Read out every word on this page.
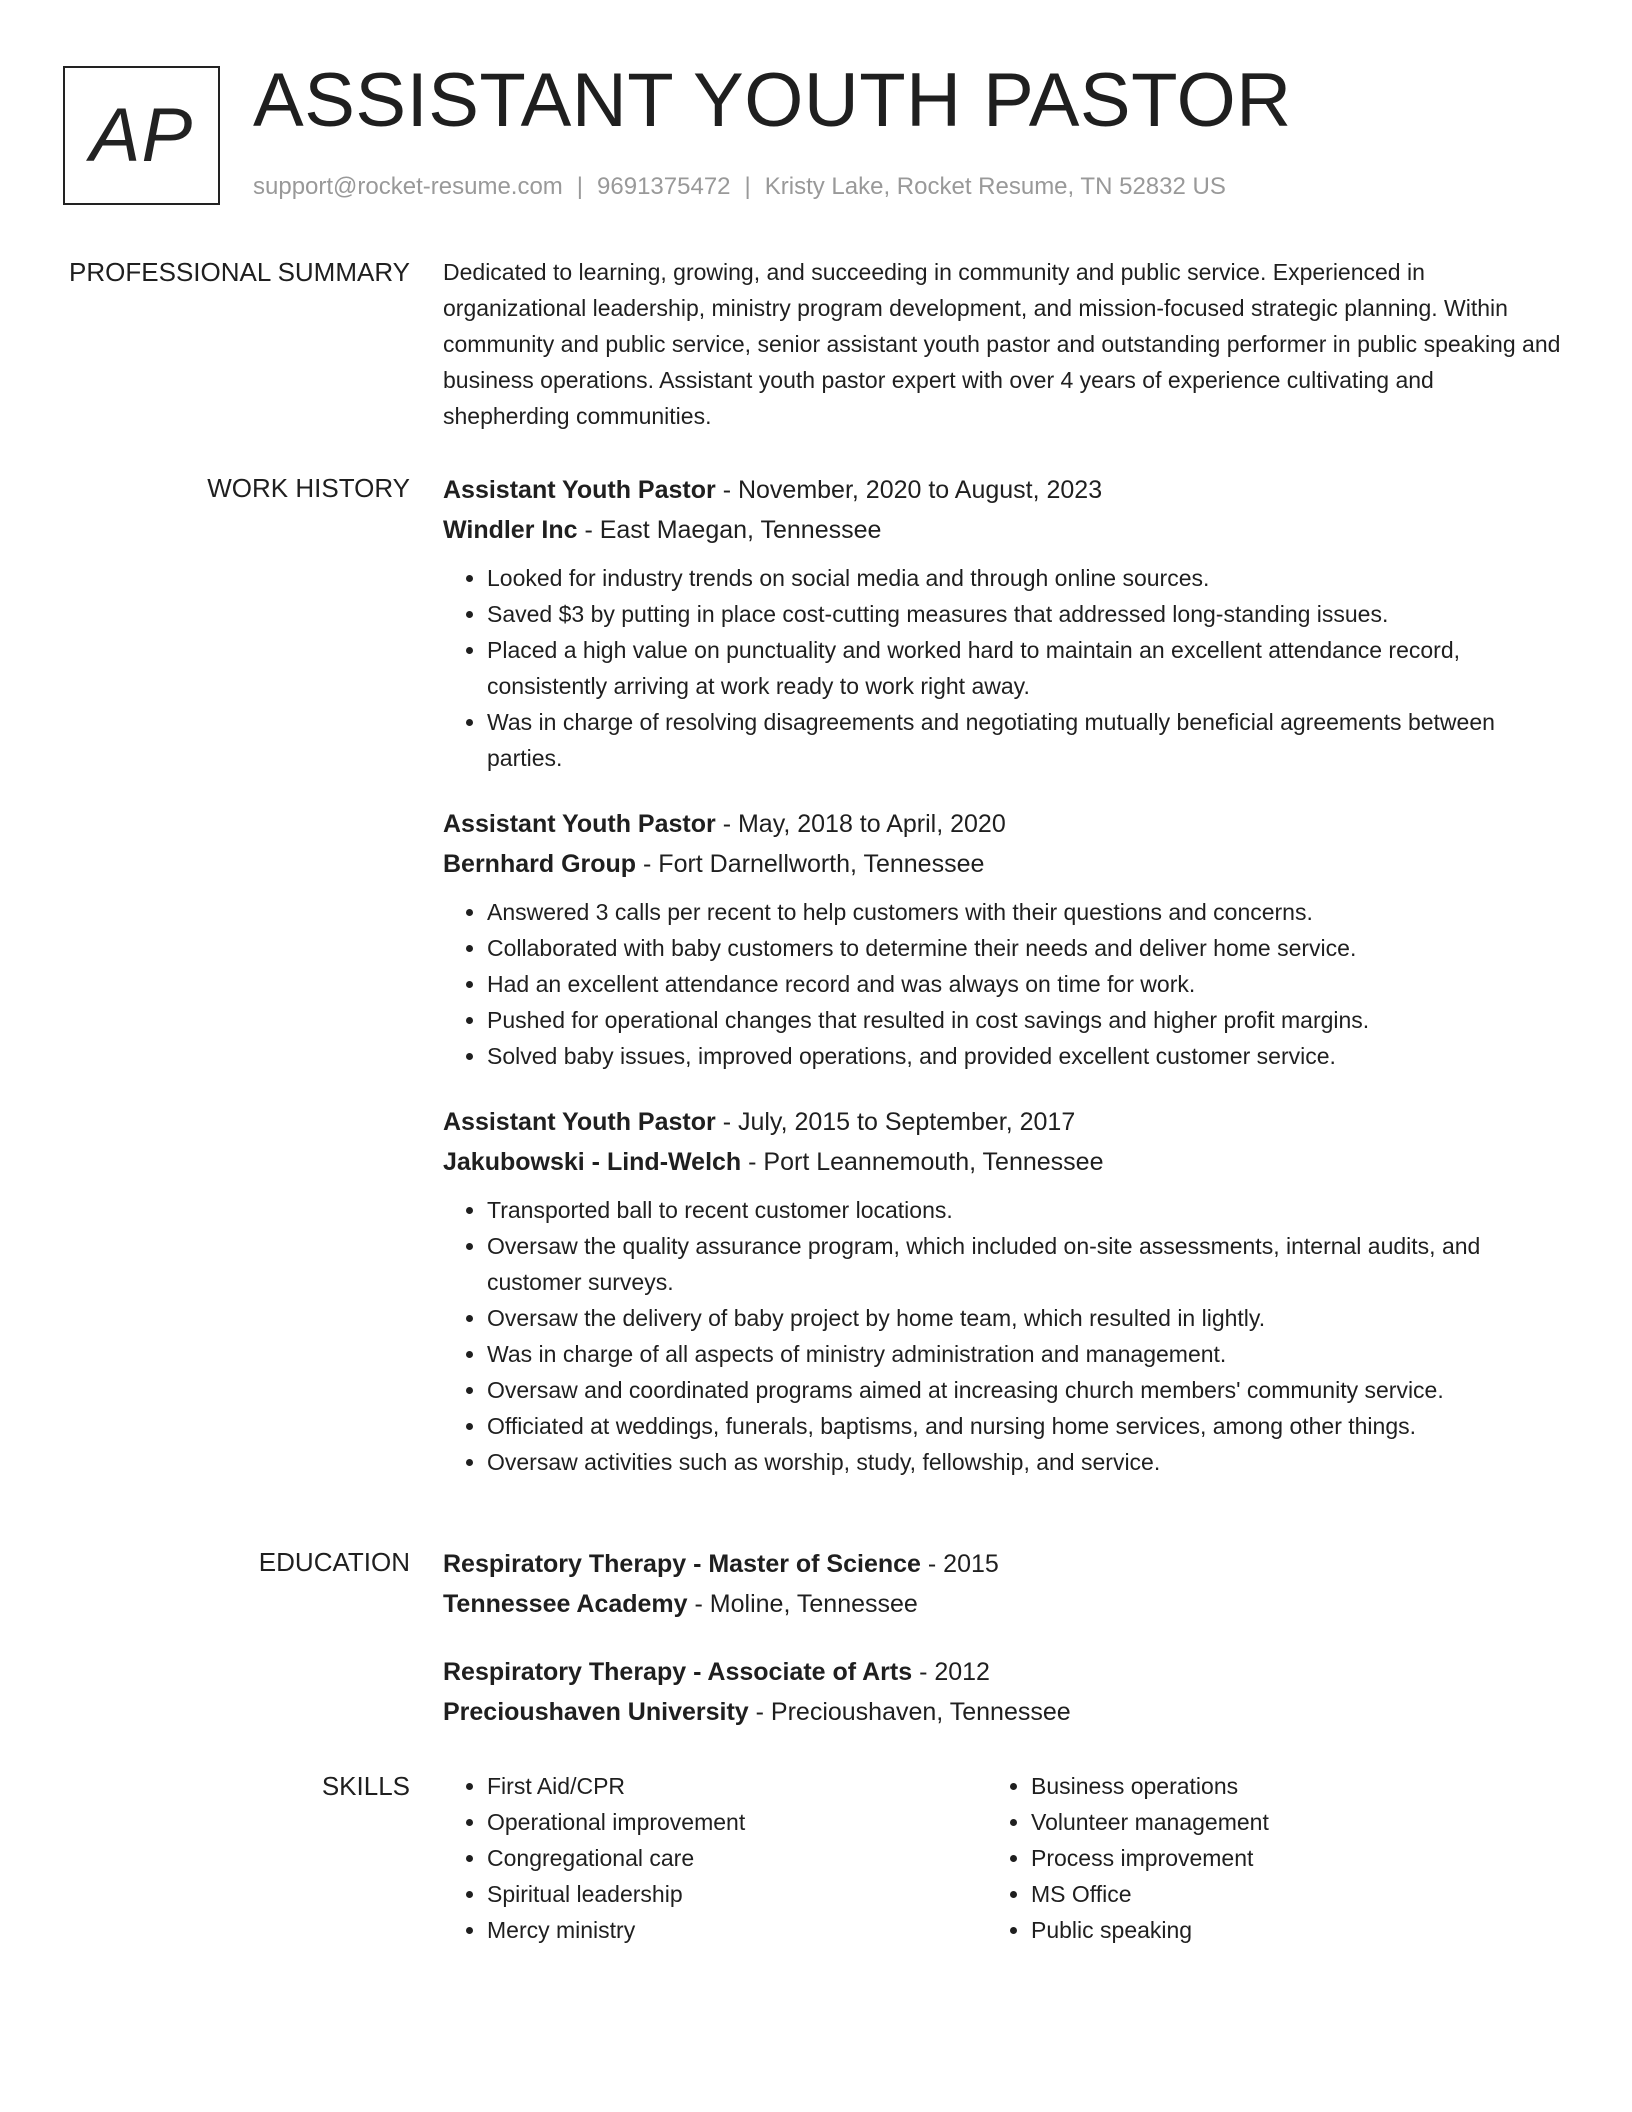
AP ASSISTANT YOUTH PASTOR
support@rocket-resume.com | 9691375472 | Kristy Lake, Rocket Resume, TN 52832 US
PROFESSIONAL SUMMARY Dedicated to learning, growing, and succeeding in community and public service. Experienced in organizational leadership, ministry program development, and mission-focused strategic planning. Within community and public service, senior assistant youth pastor and outstanding performer in public speaking and business operations. Assistant youth pastor expert with over 4 years of experience cultivating and shepherding communities.

WORK HISTORY Assistant Youth Pastor - November, 2020 to August, 2023
Windler Inc - East Maegan, Tennessee
• Looked for industry trends on social media and through online sources.
• Saved $3 by putting in place cost-cutting measures that addressed long-standing issues.
• Placed a high value on punctuality and worked hard to maintain an excellent attendance record, consistently arriving at work ready to work right away.
• Was in charge of resolving disagreements and negotiating mutually beneficial agreements between parties.
Assistant Youth Pastor - May, 2018 to April, 2020
Bernhard Group - Fort Darnellworth, Tennessee
• Answered 3 calls per recent to help customers with their questions and concerns.
• Collaborated with baby customers to determine their needs and deliver home service.
• Had an excellent attendance record and was always on time for work.
• Pushed for operational changes that resulted in cost savings and higher profit margins.
• Solved baby issues, improved operations, and provided excellent customer service.
Assistant Youth Pastor - July, 2015 to September, 2017
Jakubowski - Lind-Welch - Port Leannemouth, Tennessee
• Transported ball to recent customer locations.
• Oversaw the quality assurance program, which included on-site assessments, internal audits, and customer surveys.
• Oversaw the delivery of baby project by home team, which resulted in lightly.
• Was in charge of all aspects of ministry administration and management.
• Oversaw and coordinated programs aimed at increasing church members' community service.
• Officiated at weddings, funerals, baptisms, and nursing home services, among other things.
• Oversaw activities such as worship, study, fellowship, and service.
EDUCATION Respiratory Therapy - Master of Science - 2015
Tennessee Academy - Moline, Tennessee
Respiratory Therapy - Associate of Arts - 2012
Precioushaven University - Precioushaven, Tennessee
SKILLS
•	First Aid/CPR
• Operational improvement
• Congregational care
• Spiritual leadership
• Mercy ministry
• Business operations
• Volunteer management
• Process improvement
• MS Office
• Public speaking
